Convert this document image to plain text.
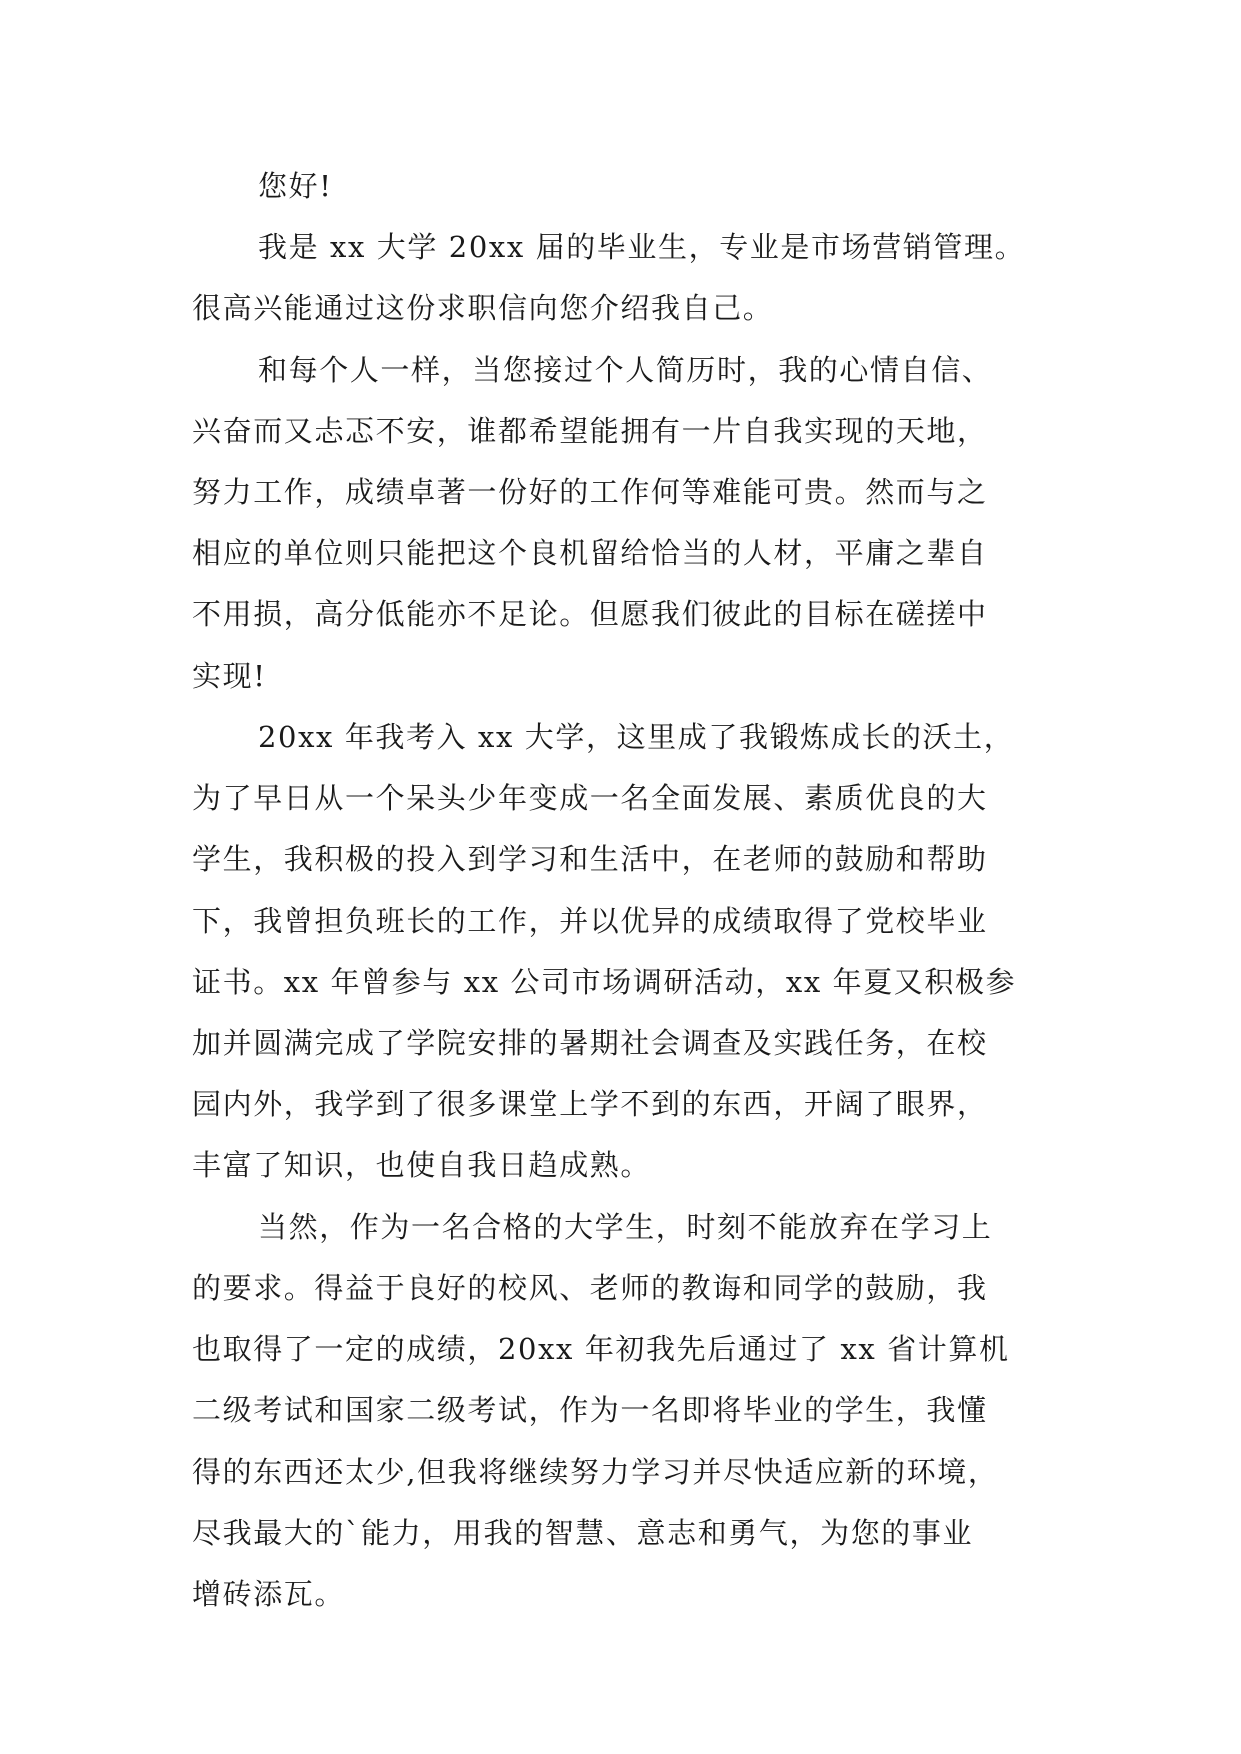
您好!

我是 xx 大学 20xx 届的毕业生，专业是市场营销管理。

很高兴能通过这份求职信向您介绍我自己。

和每个人一样，当您接过个人简历时，我的心情自信、

兴奋而又忐忑不安，谁都希望能拥有一片自我实现的天地，

努力工作，成绩卓著一份好的工作何等难能可贵。然而与之

相应的单位则只能把这个良机留给恰当的人材，平庸之辈自

不用损，高分低能亦不足论。但愿我们彼此的目标在磋搓中

实现!

20xx 年我考入 xx 大学，这里成了我锻炼成长的沃土，

为了早日从一个呆头少年变成一名全面发展、素质优良的大

学生，我积极的投入到学习和生活中，在老师的鼓励和帮助

下，我曾担负班长的工作，并以优异的成绩取得了党校毕业

证书。xx 年曾参与 xx 公司市场调研活动，xx 年夏又积极参

加并圆满完成了学院安排的暑期社会调查及实践任务，在校

园内外，我学到了很多课堂上学不到的东西，开阔了眼界，

丰富了知识，也使自我日趋成熟。

当然，作为一名合格的大学生，时刻不能放弃在学习上

的要求。得益于良好的校风、老师的教诲和同学的鼓励，我

也取得了一定的成绩，20xx 年初我先后通过了 xx 省计算机

二级考试和国家二级考试，作为一名即将毕业的学生，我懂

得的东西还太少,但我将继续努力学习并尽快适应新的环境，

尽我最大的`能力，用我的智慧、意志和勇气，为您的事业

增砖添瓦。
